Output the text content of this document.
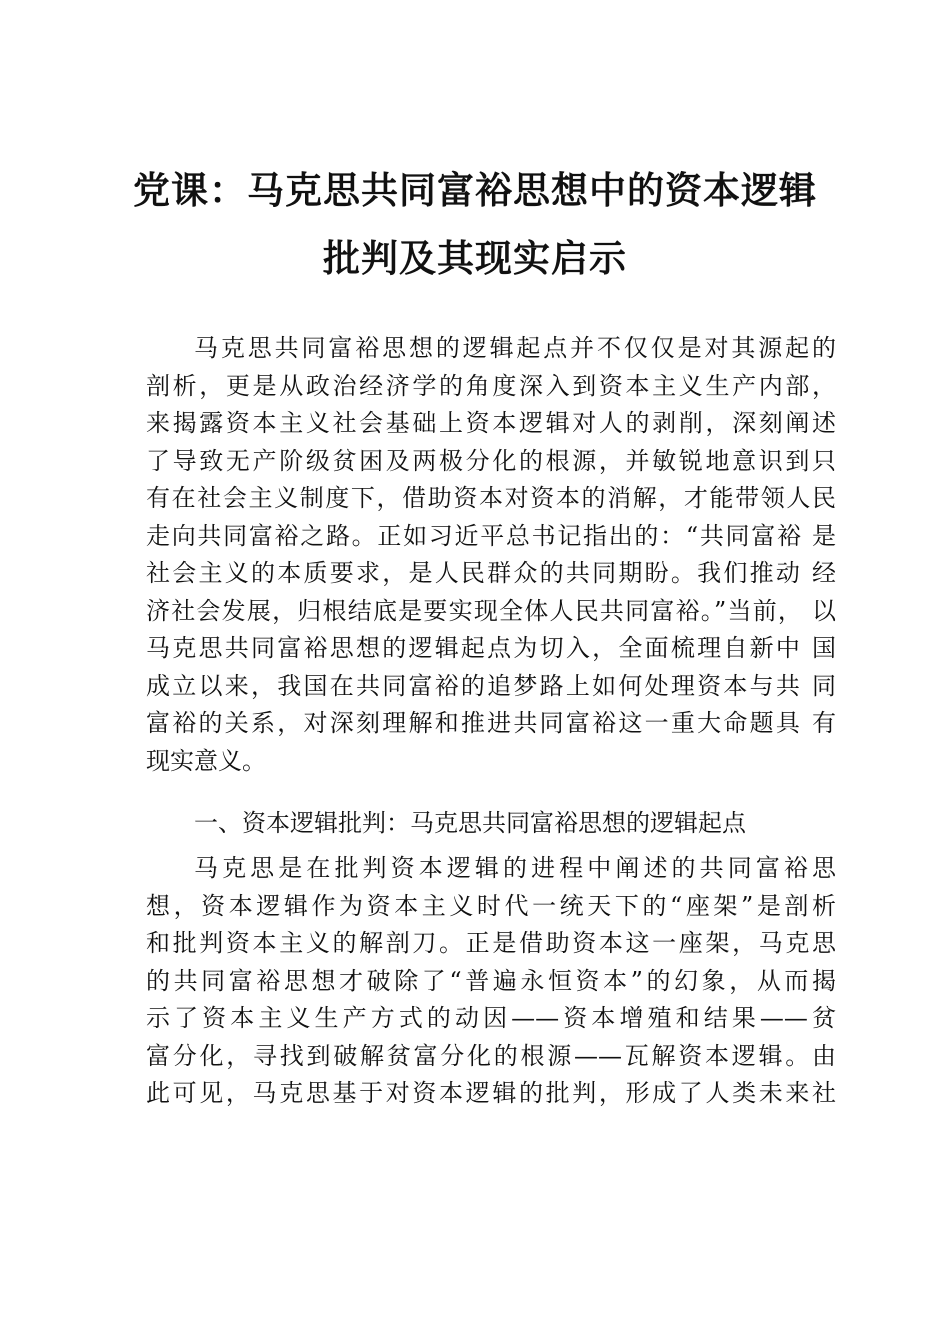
党课：马克思共同富裕思想中的资本逻辑
批判及其现实启示
马克思共同富裕思想的逻辑起点并不仅仅是对其源起的
剖析，更是从政治经济学的角度深入到资本主义生产内部，
来揭露资本主义社会基础上资本逻辑对人的剥削，深刻阐述
了导致无产阶级贫困及两极分化的根源，并敏锐地意识到只
有在社会主义制度下，借助资本对资本的消解，才能带领人民
走向共同富裕之路。正如习近平总书记指出的：“共同富裕 是
社会主义的本质要求，是人民群众的共同期盼。我们推动 经
济社会发展，归根结底是要实现全体人民共同富裕。”当前， 以
马克思共同富裕思想的逻辑起点为切入，全面梳理自新中 国
成立以来，我国在共同富裕的追梦路上如何处理资本与共 同
富裕的关系，对深刻理解和推进共同富裕这一重大命题具 有
现实意义。
一、资本逻辑批判：马克思共同富裕思想的逻辑起点
马克思是在批判资本逻辑的进程中阐述的共同富裕思
想，资本逻辑作为资本主义时代一统天下的“座架”是剖析
和批判资本主义的解剖刀。正是借助资本这一座架，马克思
的共同富裕思想才破除了“普遍永恒资本”的幻象，从而揭
示了资本主义生产方式的动因——资本增殖和结果——贫
富分化，寻找到破解贫富分化的根源——瓦解资本逻辑。由
此可见，马克思基于对资本逻辑的批判，形成了人类未来社
